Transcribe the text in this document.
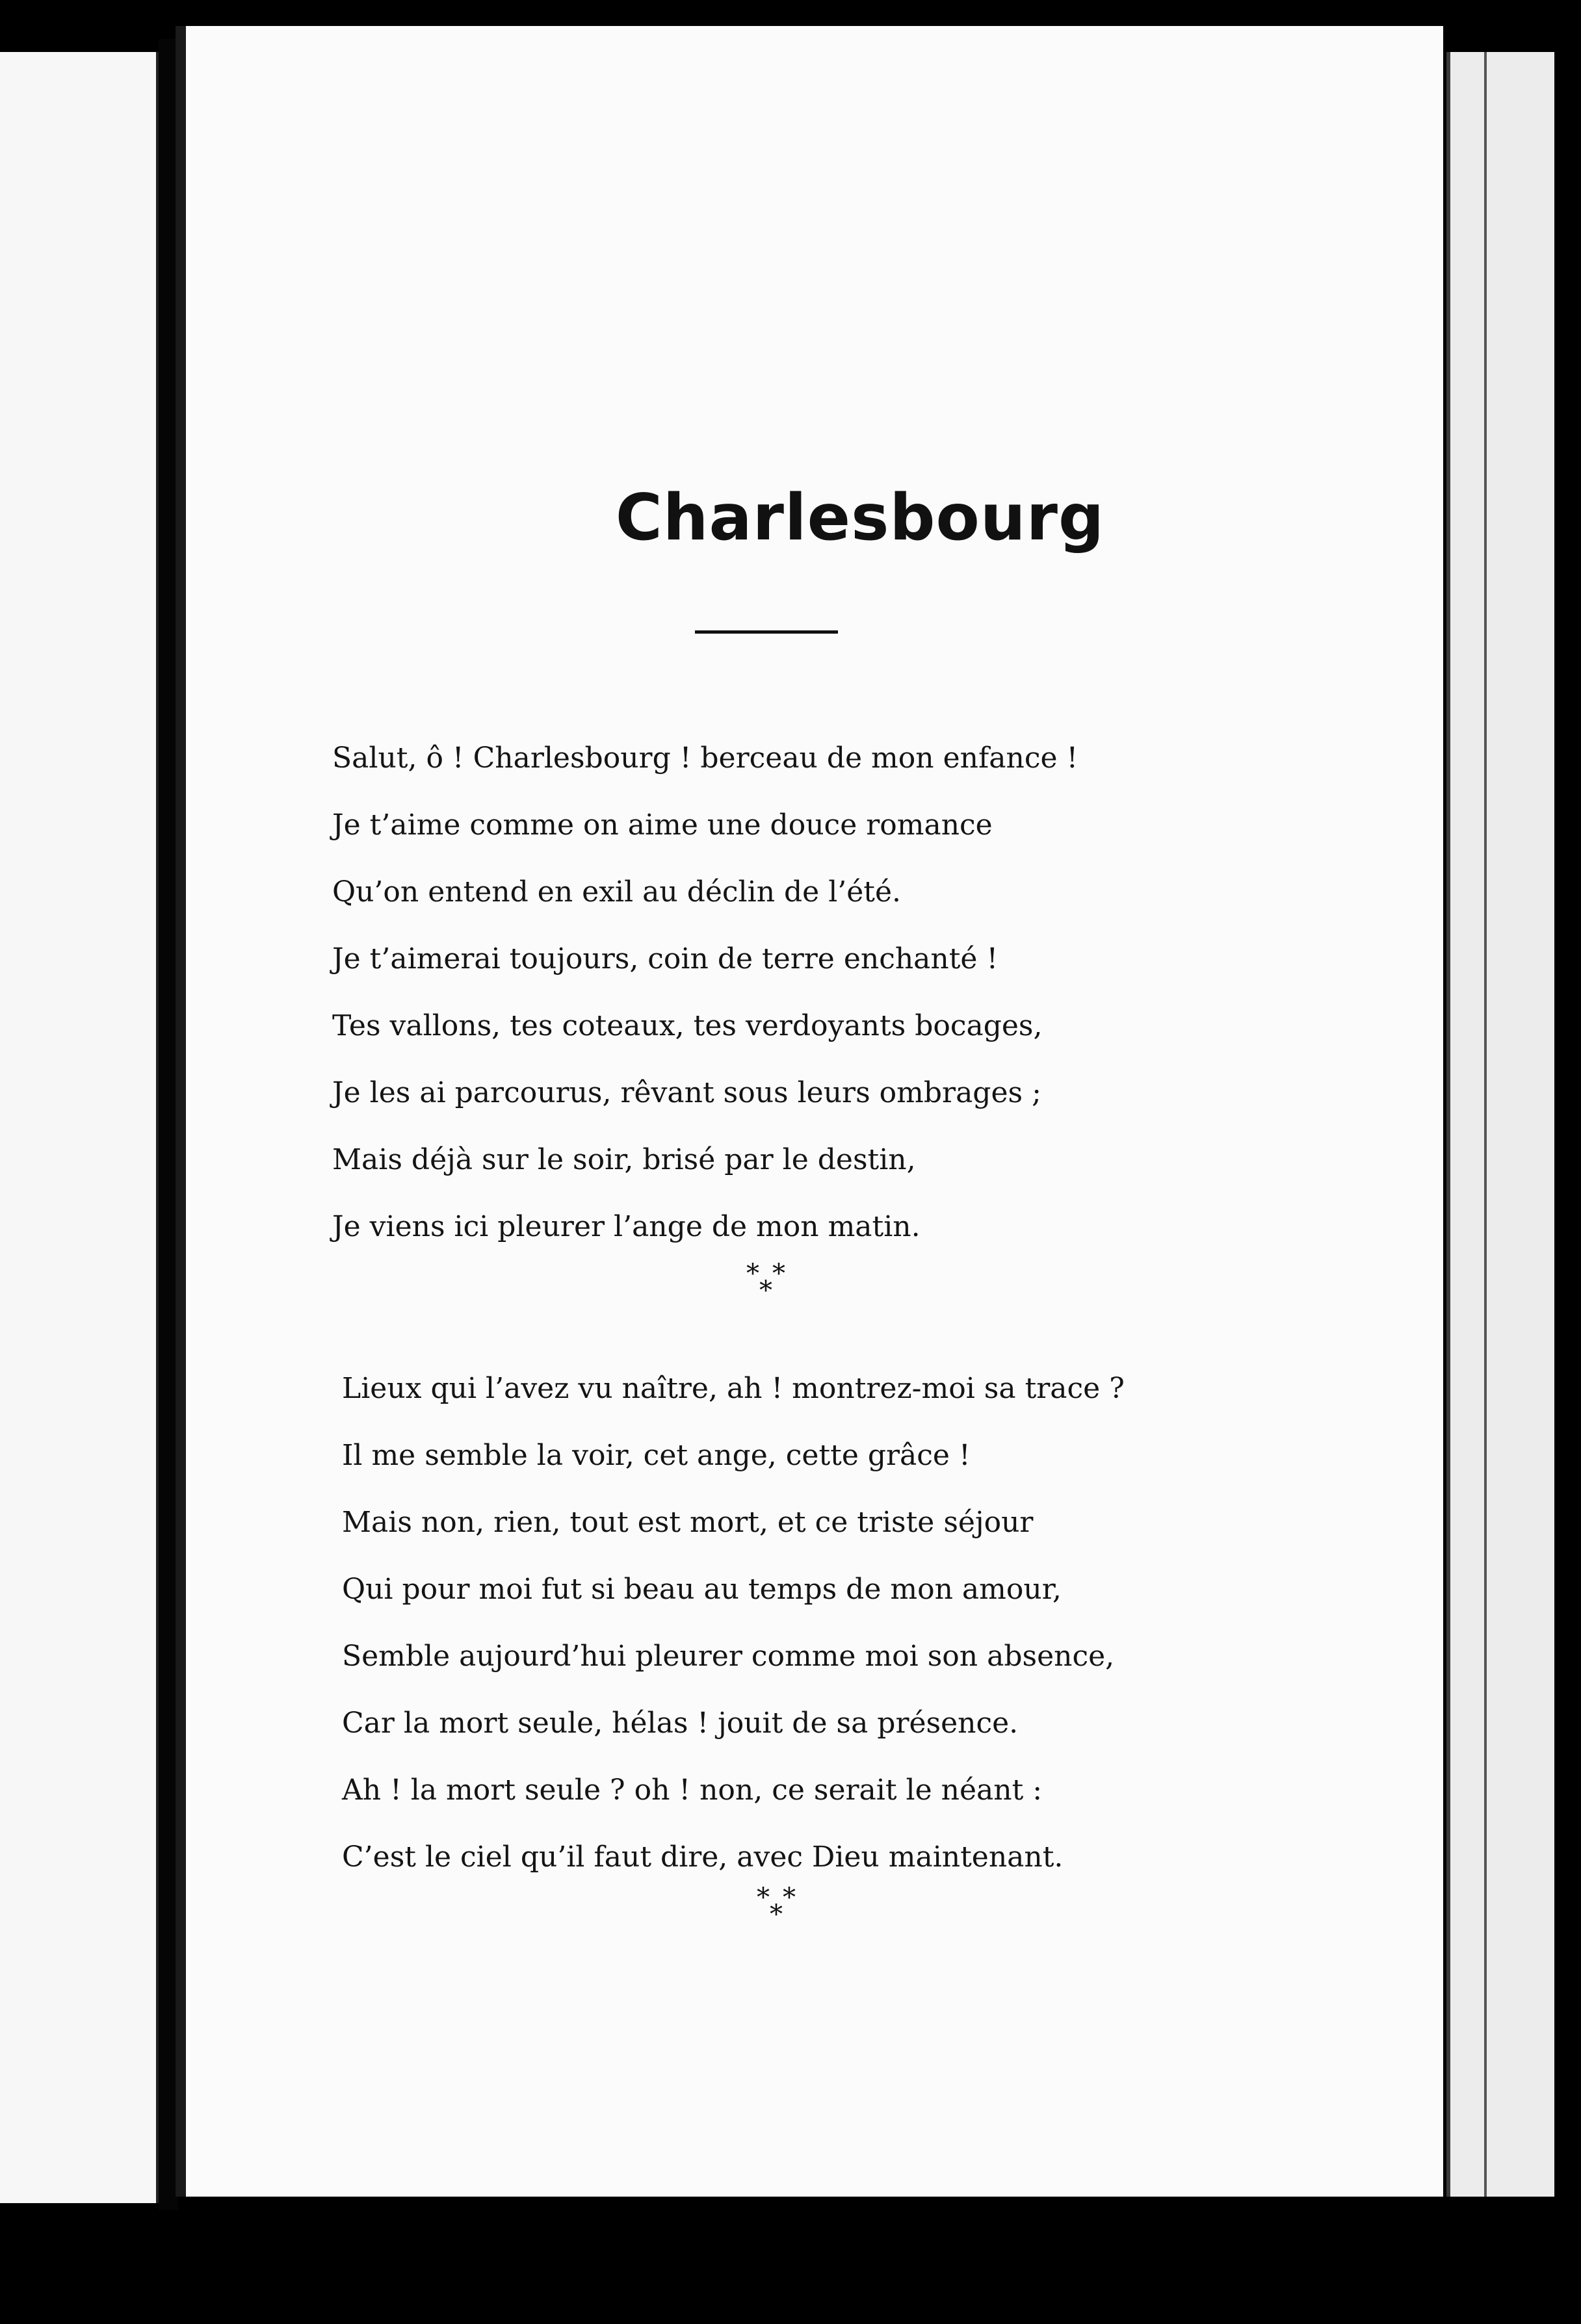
Charlesbourg
Salut, ô ! Charlesbourg ! berceau de mon enfance !
Je t’aime comme on aime une douce romance
Qu’on entend en exil au déclin de l’été.
Je t’aimerai toujours, coin de terre enchanté !
Tes vallons, tes coteaux, tes verdoyants bocages,
Je les ai parcourus, rêvant sous leurs ombrages ;
Mais déjà sur le soir, brisé par le destin,
Je viens ici pleurer l’ange de mon matin.
* *
*
Lieux qui l’avez vu naître, ah ! montrez-moi sa trace ?
Il me semble la voir, cet ange, cette grâce !
Mais non, rien, tout est mort, et ce triste séjour
Qui pour moi fut si beau au temps de mon amour,
Semble aujourd’hui pleurer comme moi son absence,
Car la mort seule, hélas ! jouit de sa présence.
Ah ! la mort seule ? oh ! non, ce serait le néant :
C’est le ciel qu’il faut dire, avec Dieu maintenant.
* *
*
